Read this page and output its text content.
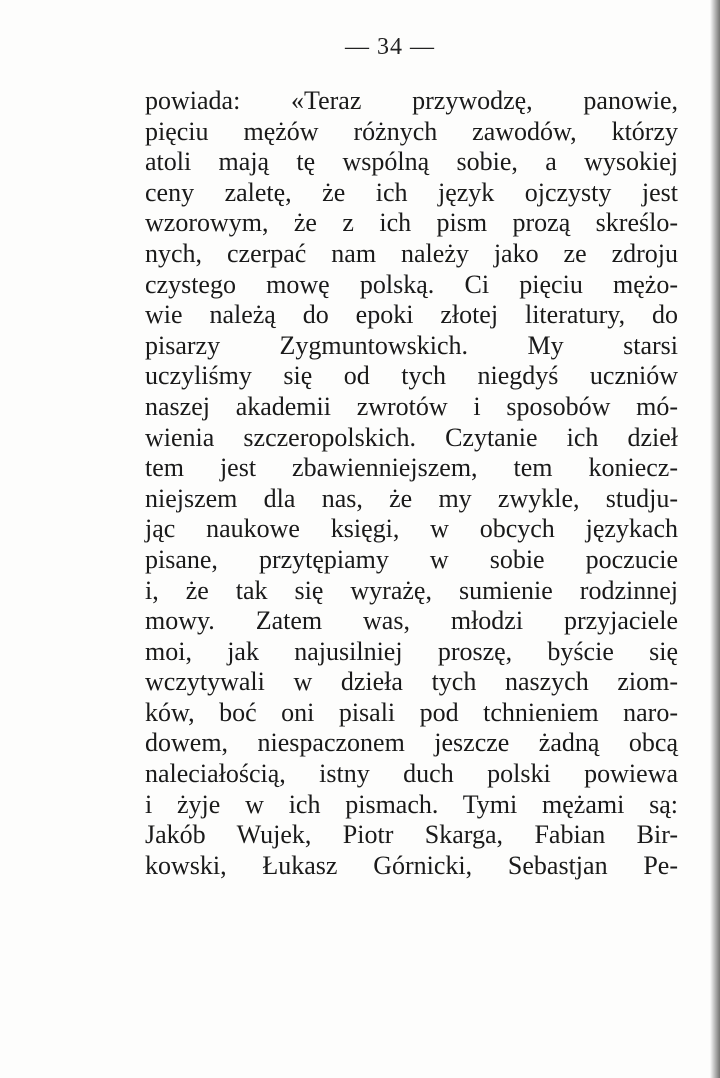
— 34 —

powiada: «Teraz przywodzę, panowie,
pięciu mężów różnych zawodów, którzy
atoli mają tę wspólną sobie, a wysokiej
ceny zaletę, że ich język ojczysty jest
wzorowym, że z ich pism prozą skreślo-
nych, czerpać nam należy jako ze zdroju
czystego mowę polską. Ci pięciu mężo-
wie należą do epoki złotej literatury, do
pisarzy Zygmuntowskich. My starsi
uczyliśmy się od tych niegdyś uczniów
naszej akademii zwrotów i sposobów mó-
wienia szczeropolskich. Czytanie ich dzieł
tem jest zbawienniejszem, tem koniecz-
niejszem dla nas, że my zwykle, studju-
jąc naukowe księgi, w obcych językach
pisane, przytępiamy w sobie poczucie
i, że tak się wyrażę, sumienie rodzinnej
mowy. Zatem was, młodzi przyjaciele
moi, jak najusilniej proszę, byście się
wczytywali w dzieła tych naszych ziom-
ków, boć oni pisali pod tchnieniem naro-
dowem, niespaczonem jeszcze żadną obcą
naleciałością, istny duch polski powiewa
i żyje w ich pismach. Tymi mężami są:
Jakób Wujek, Piotr Skarga, Fabian Bir-
kowski, Łukasz Górnicki, Sebastjan Pe-
